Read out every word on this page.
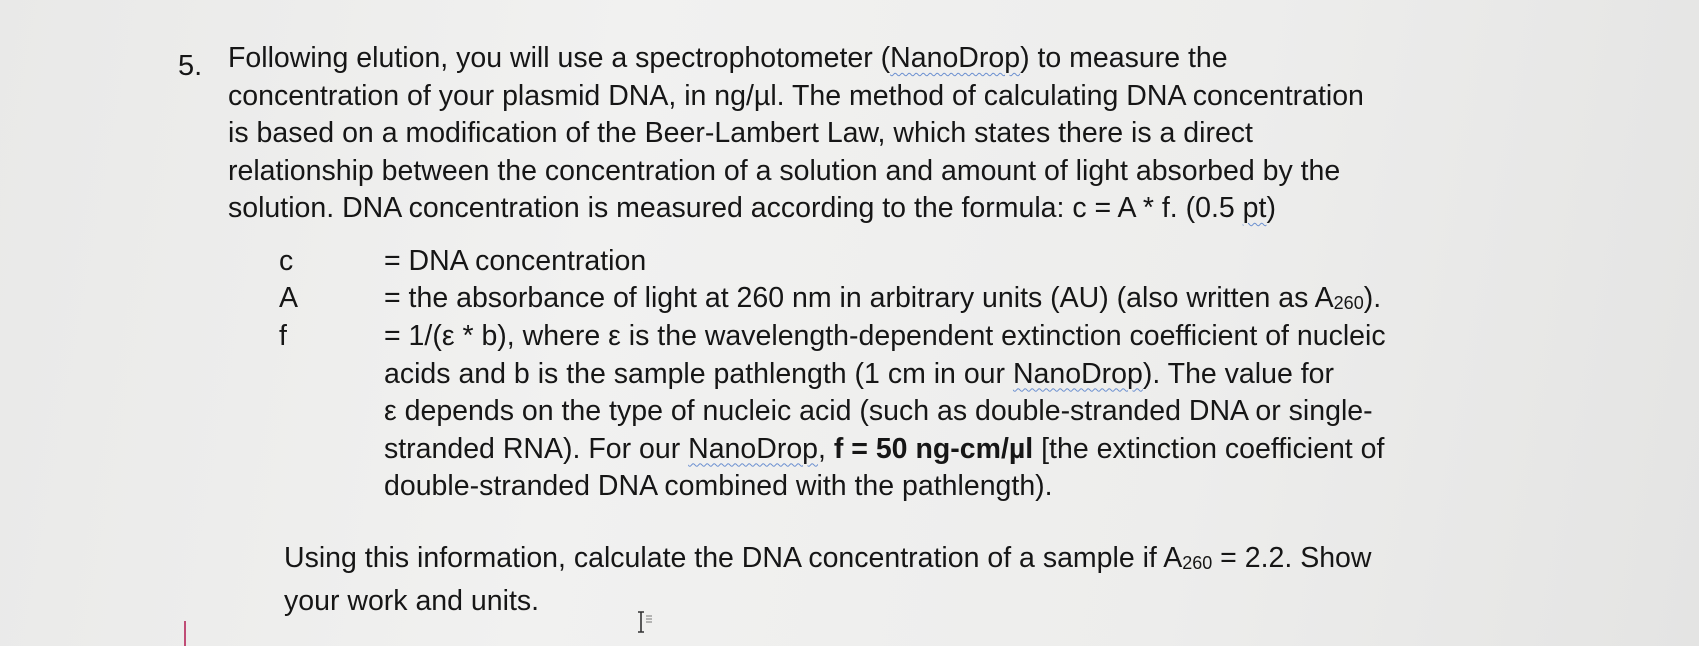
5. Following elution, you will use a spectrophotometer (NanoDrop) to measure the
concentration of your plasmid DNA, in ng/µl. The method of calculating DNA concentration
is based on a modification of the Beer-Lambert Law, which states there is a direct
relationship between the concentration of a solution and amount of light absorbed by the
solution. DNA concentration is measured according to the formula: c = A * f. (0.5 pt)
c	= DNA concentration
A	= the absorbance of light at 260 nm in arbitrary units (AU) (also written as $A_{260}$).
f	= 1/(ε * b), where ε is the wavelength-dependent extinction coefficient of nucleic
acids and b is the sample pathlength (1 cm in our NanoDrop). The value for
ε depends on the type of nucleic acid (such as double-stranded DNA or single-
stranded RNA). For our NanoDrop, f = 50 ng-cm/µl [the extinction coefficient of
double-stranded DNA combined with the pathlength).
Using this information, calculate the DNA concentration of a sample if $A_{260} = 2.2$. Show
your work and units.
